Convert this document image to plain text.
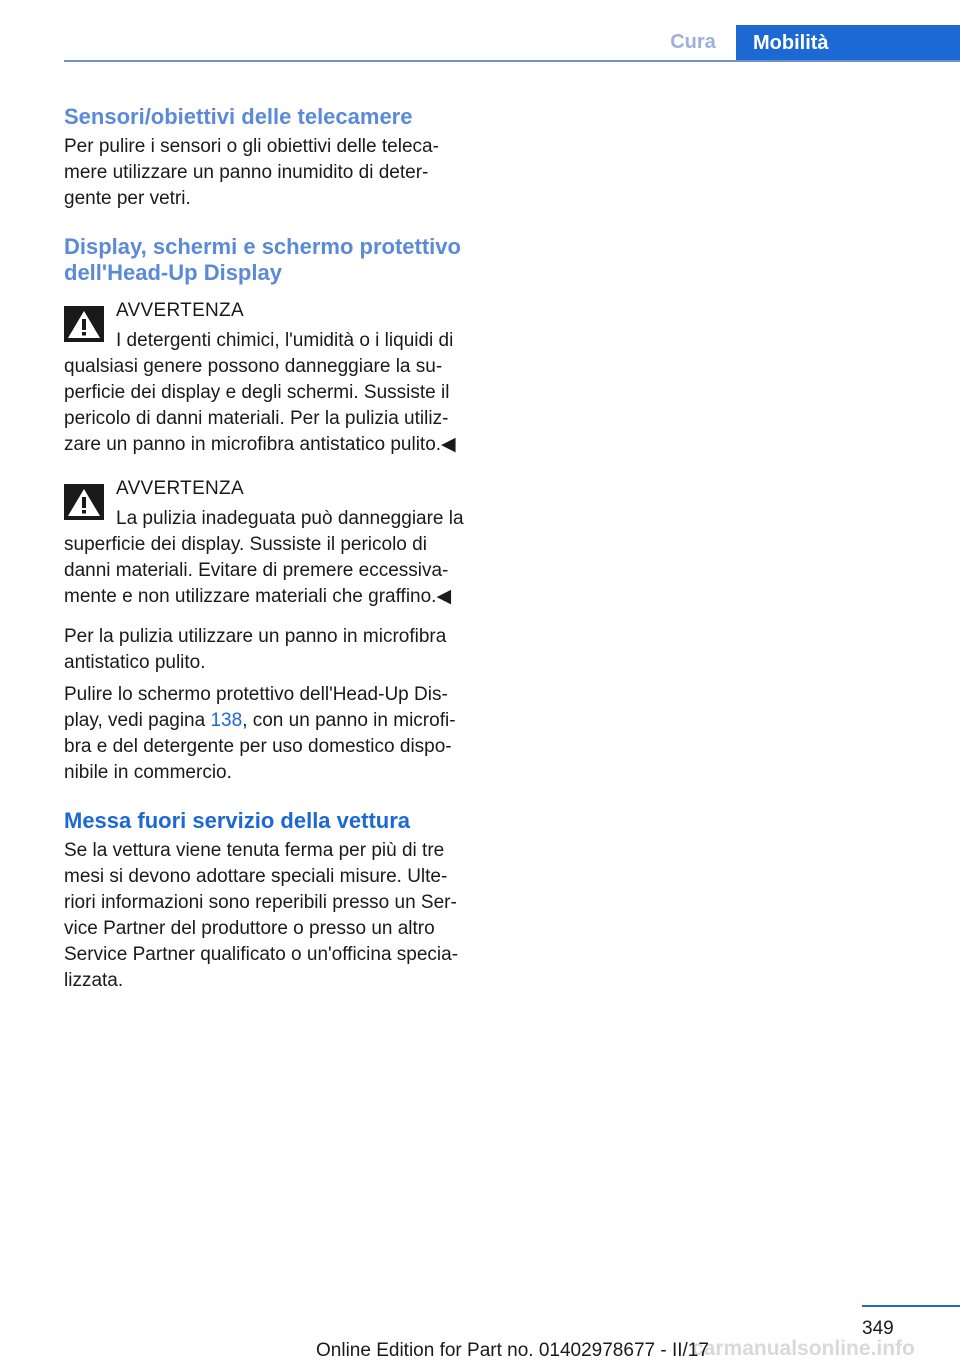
Cura	Mobilità
Sensori/obiettivi delle telecamere

Per pulire i sensori o gli obiettivi delle teleca‐
mere utilizzare un panno inumidito di deter‐
gente per vetri.

Display, schermi e schermo protettivo
dell'Head-Up Display
AVVERTENZA

I detergenti chimici, l'umidità o i liquidi di
qualsiasi genere possono danneggiare la su‐
perficie dei display e degli schermi. Sussiste il
pericolo di danni materiali. Per la pulizia utiliz‐
zare un panno in microfibra antistatico pulito.◀

AVVERTENZA

La pulizia inadeguata può danneggiare la
superficie dei display. Sussiste il pericolo di
danni materiali. Evitare di premere eccessiva‐
mente e non utilizzare materiali che graffino.◀

Per la pulizia utilizzare un panno in microfibra
antistatico pulito.

Pulire lo schermo protettivo dell'Head-Up Dis‐
play, vedi pagina 138, con un panno in microfi‐
bra e del detergente per uso domestico dispo‐
nibile in commercio.

Messa fuori servizio della vettura

Se la vettura viene tenuta ferma per più di tre
mesi si devono adottare speciali misure. Ulte‐
riori informazioni sono reperibili presso un Ser‐
vice Partner del produttore o presso un altro
Service Partner qualificato o un'officina specia‐
lizzata.

349
carmanualsonline.info
Online Edition for Part no. 01402978677 - II/17
